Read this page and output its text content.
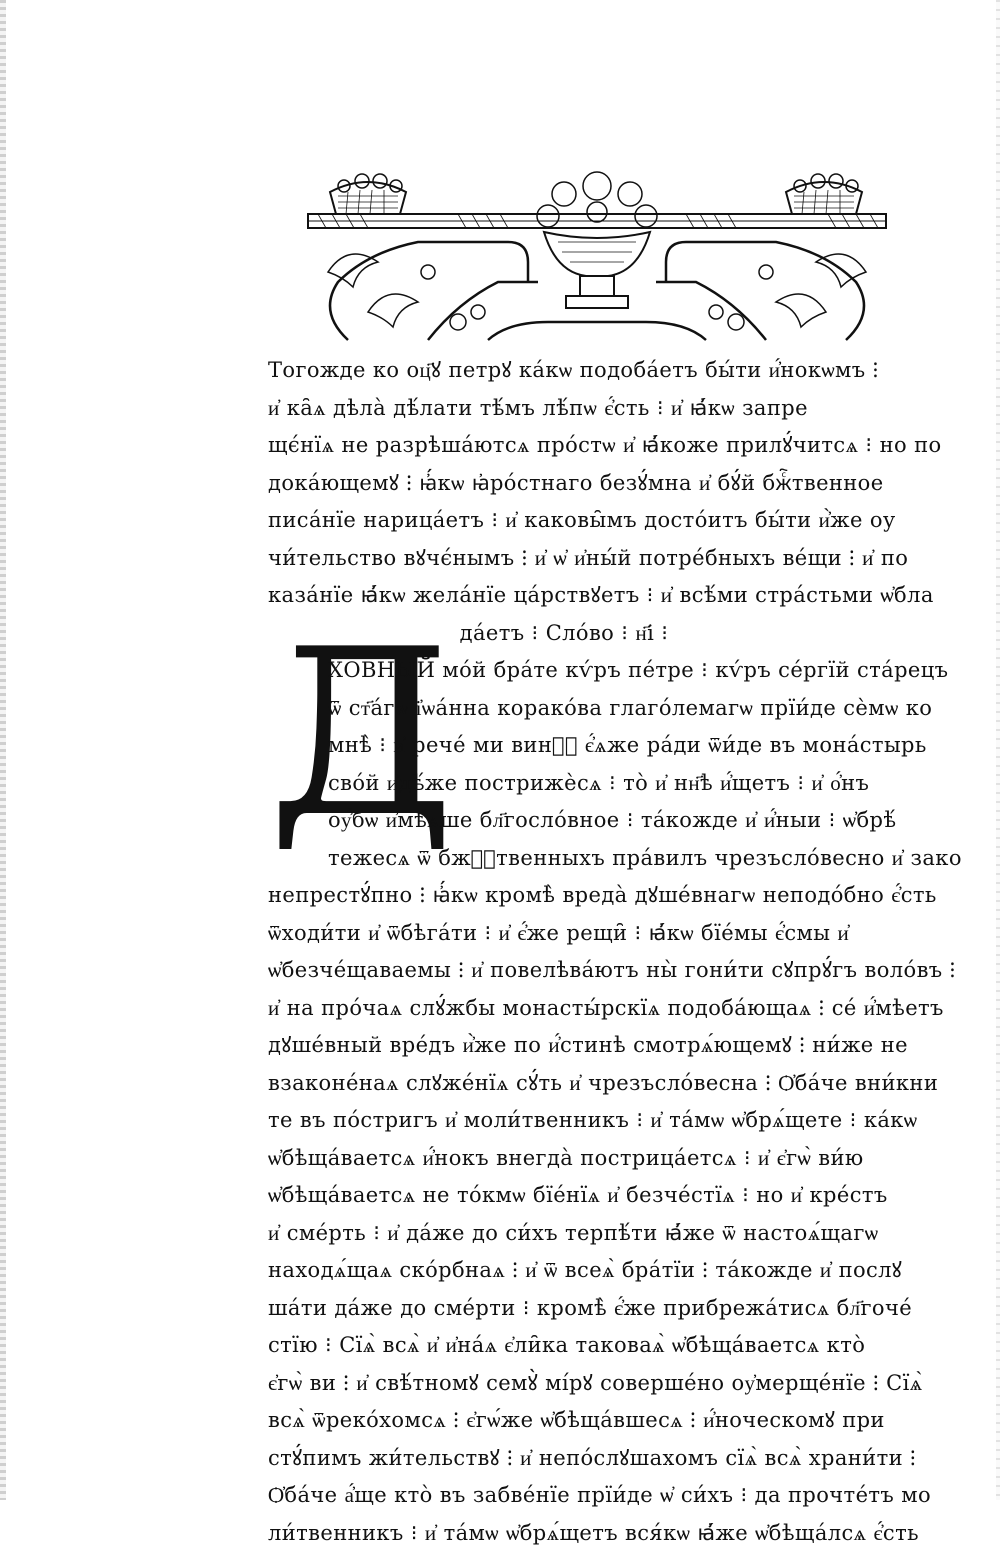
Д
Тогожде ко оц҃ꙋ петрꙋ ка́кѡ подоба́етъ бы́ти и҆́нокѡмъ ⁝
и҆ ка̑ѧ дѣла̀ дѣ́лати тѣ́мъ лѣ́пѡ є҆́сть ⁝ и҆ ꙗ҆́кѡ запре
щє́нїѧ не разрѣша́ютсѧ про́стѡ и҆ ꙗ҆́коже прилꙋ́читсѧ ⁝ но по
дока́ющемꙋ ⁝ ꙗ҆́кѡ ꙗ҆ро́стнаго безꙋ́мна и҆ бꙋ́й бжⷭ҇твенное
писа́нїе нарица́етъ ⁝ и҆ каковы̑мъ досто́итъ бы́ти и҆̀же оу
чи́тельство вꙋчє́нымъ ⁝ и҆ ѡ҆ и҆ны́й потре́бныхъ ве́щи ⁝ и҆ по
каза́нїе ꙗ҆́кѡ жела́нїе ца́рствꙋетъ ⁝ и҆ всѣ́ми стра́стьми ѡ҆бла
да́етъ ⁝ Сло́во ⁝ н҃і ⁝
ХОВНЫЙ мо́й бра́те кѵ́ръ пе́тре ⁝ кѵ́ръ се́ргїй ста́рецъ
ѿ ст҃а́гѡ і҆ѡа́нна корако́ва глаго́лемагѡ прїи́де сѐмѡ ко
мнѣ̀ ⁝ и҆ рече́ ми вин꙽ꙋ є҆́ѧже ра́ди ѿи́де въ мона́стырь
сво́й и҆дѣ́же пострижѐсѧ ⁝ то̀ и҆ нн҃ѣ и҆́щетъ ⁝ и҆ о҆́нъ
оу҆́бѡ и҆мѣ́ѧше бл҃госло́вное ⁝ та́кожде и҆ и҆́ныи ⁝ ѡ҆брѣ́
тежесѧ ѿ бжⷭ҇твенныхъ пра́вилъ чрезъсло́весно и҆ зако
непрестꙋ́пно ⁝ ꙗ҆́кѡ кромѣ̀ вреда̀ дꙋше́внагѡ неподо́бно є҆́сть
ѿходи́ти и҆ ѿбѣга́ти ⁝ и҆ є҆́же рещи̑ ⁝ ꙗ҆́кѡ бїе́мы є҆́смы и҆
ѡ҆безче́щаваемы ⁝ и҆ повелѣва́ютъ ны̀ гони́ти сꙋпрꙋ́гъ воло́въ ⁝
и҆ на про́чаѧ слꙋ́жбы монасты́рскїѧ подоба́ющаѧ ⁝ се́ и҆́мѣетъ
дꙋше́вный вре́дъ и҆̀же по и҆́стинѣ смотрѧ́ющемꙋ ⁝ ни́же не
взаконе́наѧ слꙋже́нїѧ сꙋ́ть и҆ чрезъсло́весна ⁝ Ѻ҆ба́че вни́кни
те въ по́стригъ и҆ моли́твенникъ ⁝ и҆ та́мѡ ѡ҆брѧ́щете ⁝ ка́кѡ
ѡ҆бѣща́ваетсѧ и҆́нокъ внегда̀ пострица́етсѧ ⁝ и҆ є҆гѡ̀ ви́ю
ѡ҆бѣща́ваетсѧ не то́кмѡ бїе́нїѧ и҆ безче́стїѧ ⁝ но и҆ кре́стъ
и҆ сме́рть ⁝ и҆ да́же до си́хъ терпѣ́ти ꙗ҆́же ѿ настоѧ́щагѡ
находѧ́щаѧ ско́рбнаѧ ⁝ и҆ ѿ всеѧ̀ бра́тїи ⁝ та́кожде и҆ послꙋ
ша́ти да́же до сме́рти ⁝ кромѣ̀ є҆́же прибрежа́тисѧ бл҃гоче́
стїю ⁝ Сїѧ̀ всѧ̀ и҆ и҆на́ѧ є҆ли̑ка таковаѧ̀ ѡ҆бѣща́ваетсѧ кто̀
є҆гѡ̀ ви ⁝ и҆ свѣ́тномꙋ семꙋ̀ мі́рꙋ соверше́но оу҆мерще́нїе ⁝ Сїѧ̀
всѧ̀ ѿреко́хомсѧ ⁝ є҆гѡ́же ѡ҆бѣща́вшесѧ ⁝ и҆́ноческомꙋ при
стꙋ́пимъ жи́тельствꙋ ⁝ и҆ непо́слꙋшахомъ сїѧ̀ всѧ̀ храни́ти ⁝
Ѻ҆ба́че а҆́ще кто̀ въ забве́нїе прїи́де ѡ҆ си́хъ ⁝ да прочте́тъ мо
ли́твенникъ ⁝ и҆ та́мѡ ѡ҆брѧ́щетъ вся́кѡ ꙗ҆́же ѡ҆бѣща́лсѧ є҆́сть
